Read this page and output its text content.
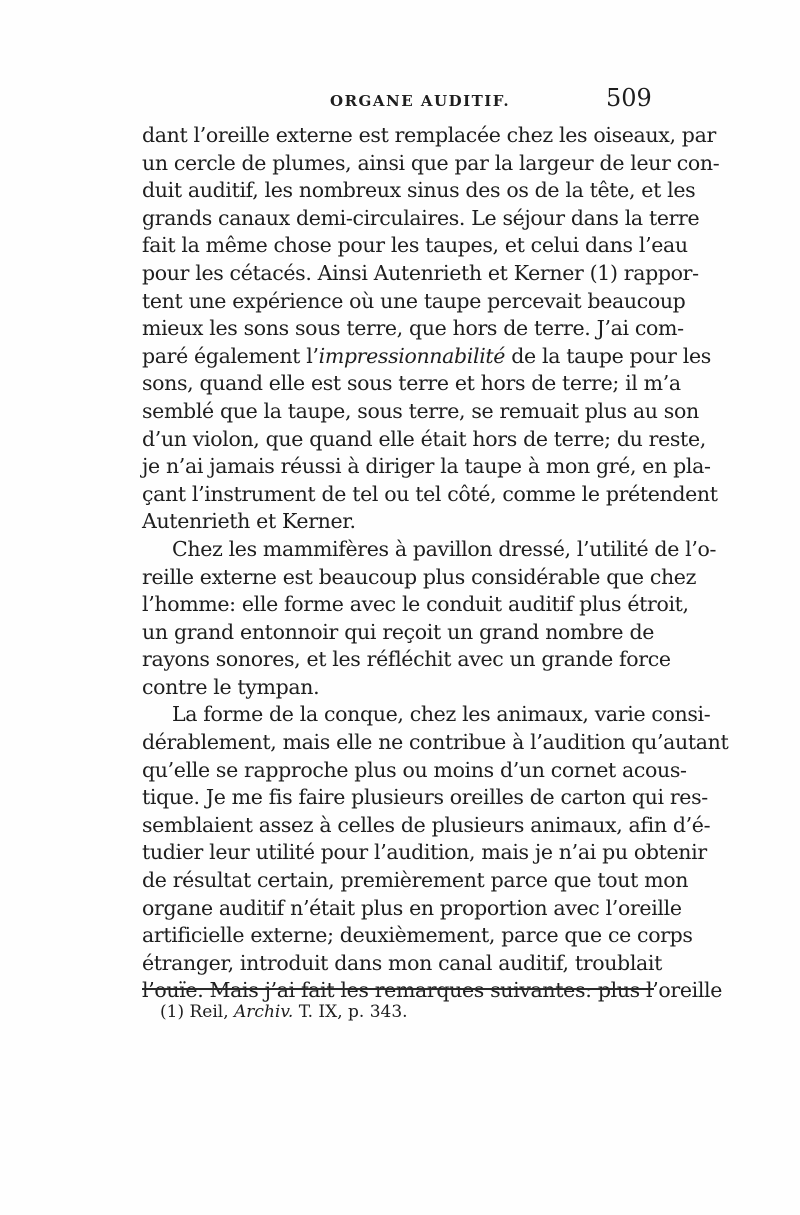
ORGANE AUDITIF.	509
dant l’oreille externe est remplacée chez les oiseaux, par
un cercle de plumes, ainsi que par la largeur de leur con-
duit auditif, les nombreux sinus des os de la tête, et les
grands canaux demi-circulaires. Le séjour dans la terre
fait la même chose pour les taupes, et celui dans l’eau
pour les cétacés. Ainsi Autenrieth et Kerner (1) rappor-
tent une expérience où une taupe percevait beaucoup
mieux les sons sous terre, que hors de terre. J’ai com-
paré également l’impressionnabilité de la taupe pour les
sons, quand elle est sous terre et hors de terre; il m’a
semblé que la taupe, sous terre, se remuait plus au son
d’un violon, que quand elle était hors de terre; du reste,
je n’ai jamais réussi à diriger la taupe à mon gré, en pla-
çant l’instrument de tel ou tel côté, comme le prétendent
Autenrieth et Kerner.
Chez les mammifères à pavillon dressé, l’utilité de l’o-
reille externe est beaucoup plus considérable que chez
l’homme: elle forme avec le conduit auditif plus étroit,
un grand entonnoir qui reçoit un grand nombre de
rayons sonores, et les réfléchit avec un grande force
contre le tympan.
La forme de la conque, chez les animaux, varie consi-
dérablement, mais elle ne contribue à l’audition qu’autant
qu’elle se rapproche plus ou moins d’un cornet acous-
tique. Je me fis faire plusieurs oreilles de carton qui res-
semblaient assez à celles de plusieurs animaux, afin d’é-
tudier leur utilité pour l’audition, mais je n’ai pu obtenir
de résultat certain, premièrement parce que tout mon
organe auditif n’était plus en proportion avec l’oreille
artificielle externe; deuxièmement, parce que ce corps
étranger, introduit dans mon canal auditif, troublait
l’ouïe. Mais j’ai fait les remarques suivantes: plus l’oreille
(1) Reil, Archiv. T. IX, p. 343.
